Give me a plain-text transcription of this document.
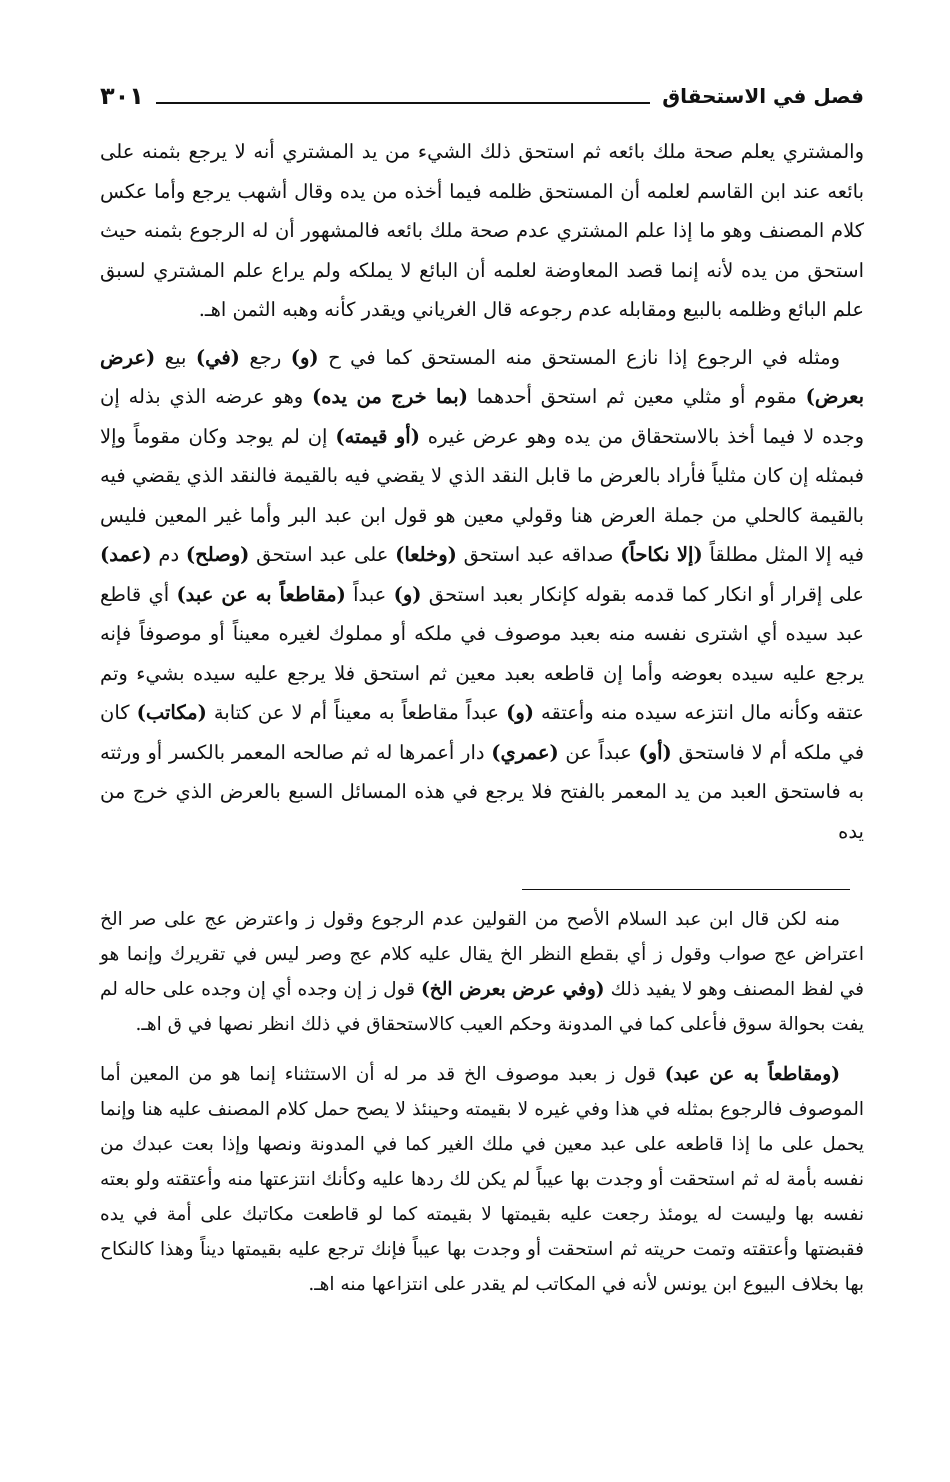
فصل في الاستحقاق
٣٠١

والمشتري يعلم صحة ملك بائعه ثم استحق ذلك الشيء من يد المشتري أنه لا يرجع بثمنه على بائعه عند ابن القاسم لعلمه أن المستحق ظلمه فيما أخذه من يده وقال أشهب يرجع وأما عكس كلام المصنف وهو ما إذا علم المشتري عدم صحة ملك بائعه فالمشهور أن له الرجوع بثمنه حيث استحق من يده لأنه إنما قصد المعاوضة لعلمه أن البائع لا يملكه ولم يراع علم المشتري لسبق علم البائع وظلمه بالبيع ومقابله عدم رجوعه قال الغرياني ويقدر كأنه وهبه الثمن اهـ.

ومثله في الرجوع إذا نازع المستحق منه المستحق كما في ح (و) رجع (في) بيع (عرض بعرض) مقوم أو مثلي معين ثم استحق أحدهما (بما خرج من يده) وهو عرضه الذي بذله إن وجده لا فيما أخذ بالاستحقاق من يده وهو عرض غيره (أو قيمته) إن لم يوجد وكان مقوماً وإلا فبمثله إن كان مثلياً فأراد بالعرض ما قابل النقد الذي لا يقضي فيه بالقيمة فالنقد الذي يقضي فيه بالقيمة كالحلي من جملة العرض هنا وقولي معين هو قول ابن عبد البر وأما غير المعين فليس فيه إلا المثل مطلقاً (إلا نكاحاً) صداقه عبد استحق (وخلعا) على عبد استحق (وصلح) دم (عمد) على إقرار أو انكار كما قدمه بقوله كإنكار بعبد استحق (و) عبداً (مقاطعاً به عن عبد) أي قاطع عبد سيده أي اشترى نفسه منه بعبد موصوف في ملكه أو مملوك لغيره معيناً أو موصوفاً فإنه يرجع عليه سيده بعوضه وأما إن قاطعه بعبد معين ثم استحق فلا يرجع عليه سيده بشيء وتم عتقه وكأنه مال انتزعه سيده منه وأعتقه (و) عبداً مقاطعاً به معيناً أم لا عن كتابة (مكاتب) كان في ملكه أم لا فاستحق (أو) عبداً عن (عمري) دار أعمرها له ثم صالحه المعمر بالكسر أو ورثته به فاستحق العبد من يد المعمر بالفتح فلا يرجع في هذه المسائل السبع بالعرض الذي خرج من يده

منه لكن قال ابن عبد السلام الأصح من القولين عدم الرجوع وقول ز واعترض عج على صر الخ اعتراض عج صواب وقول ز أي بقطع النظر الخ يقال عليه كلام عج وصر ليس في تقريرك وإنما هو في لفظ المصنف وهو لا يفيد ذلك (وفي عرض بعرض الخ) قول ز إن وجده أي إن وجده على حاله لم يفت بحوالة سوق فأعلى كما في المدونة وحكم العيب كالاستحقاق في ذلك انظر نصها في ق اهـ.

(ومقاطعاً به عن عبد) قول ز بعبد موصوف الخ قد مر له أن الاستثناء إنما هو من المعين أما الموصوف فالرجوع بمثله في هذا وفي غيره لا بقيمته وحينئذ لا يصح حمل كلام المصنف عليه هنا وإنما يحمل على ما إذا قاطعه على عبد معين في ملك الغير كما في المدونة ونصها وإذا بعت عبدك من نفسه بأمة له ثم استحقت أو وجدت بها عيباً لم يكن لك ردها عليه وكأنك انتزعتها منه وأعتقته ولو بعته نفسه بها وليست له يومئذ رجعت عليه بقيمتها لا بقيمته كما لو قاطعت مكاتبك على أمة في يده فقبضتها وأعتقته وتمت حريته ثم استحقت أو وجدت بها عيباً فإنك ترجع عليه بقيمتها ديناً وهذا كالنكاح بها بخلاف البيوع ابن يونس لأنه في المكاتب لم يقدر على انتزاعها منه اهـ.
